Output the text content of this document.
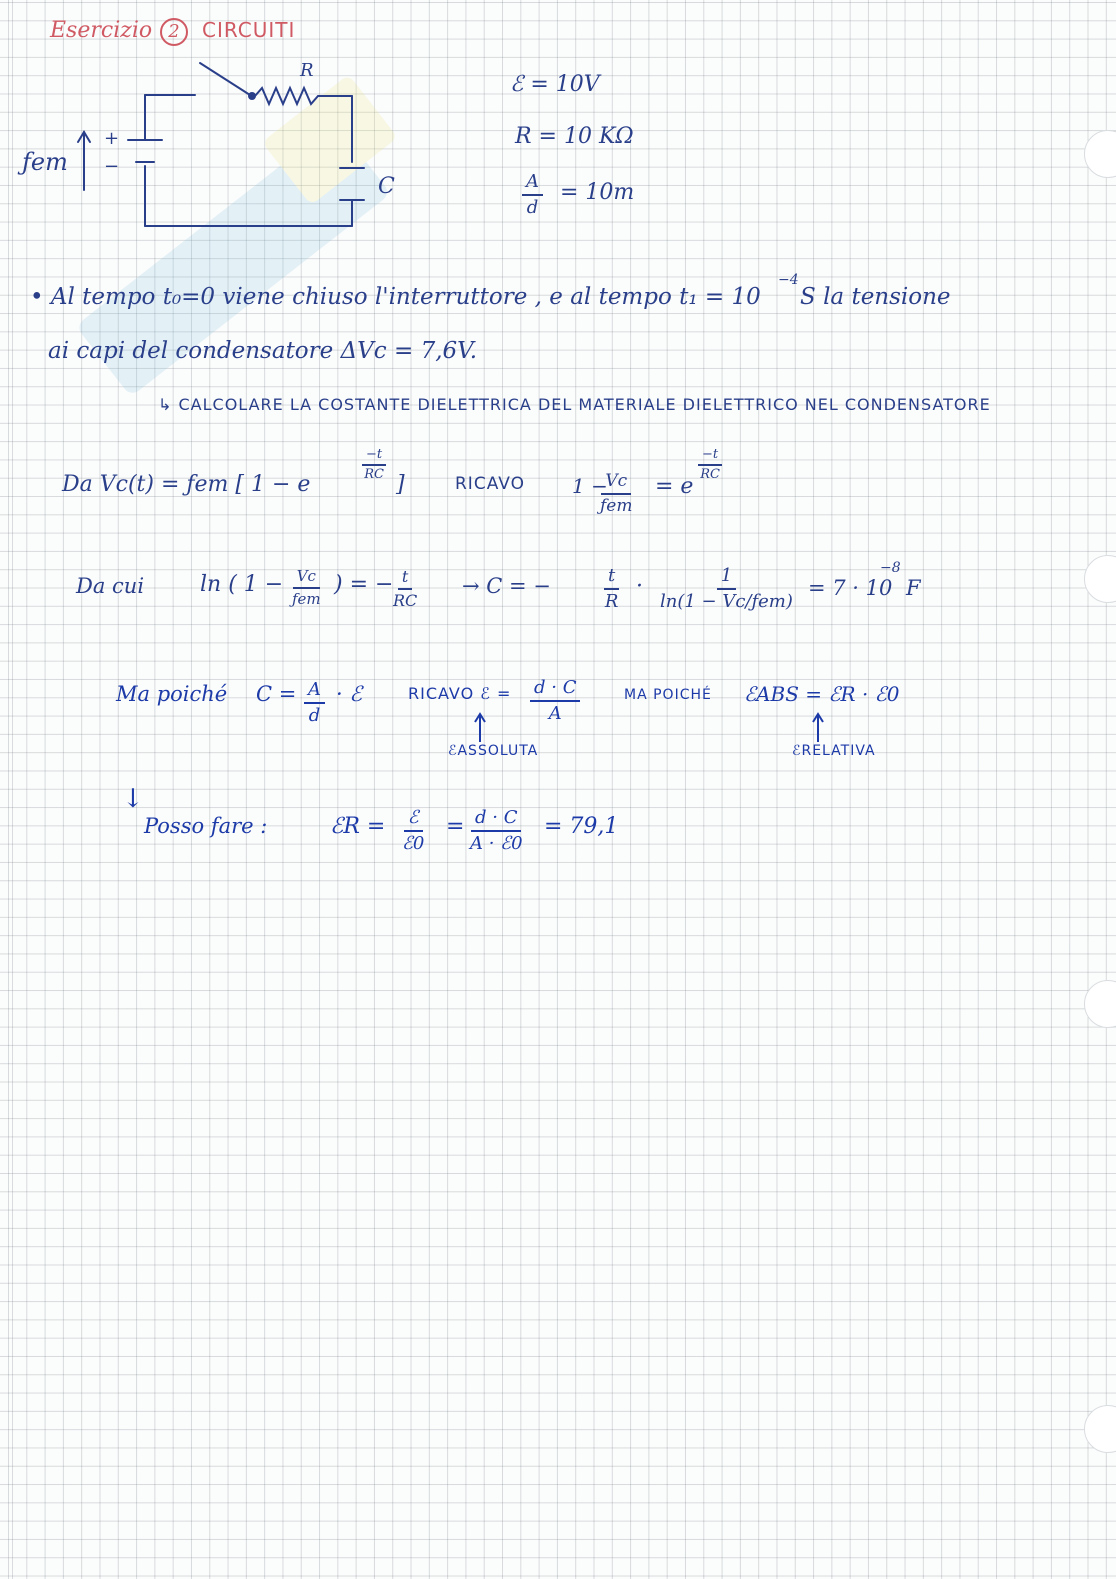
Esercizio 2	CIRCUITI
ƒem
+
−
R
C
ℰ = 10V
R = 10 KΩ
$\frac{A}{d} = 10m$
• Al tempo t₀=0 viene chiuso l'interruttore , e al tempo t₁ = 10
−4
S la tensione
ai capi del condensatore ΔVc = 7,6V.
↳ CALCOLARE LA COSTANTE DIELETTRICA DEL MATERIALE DIELETTRICO NEL CONDENSATORE
Da Vc(t) = ƒem [ 1 − e
$\frac{-t}{RC}$
]	RICAVO 1 −
Vc
ƒem
= e
$\frac{-t}{RC}$
Da cui	ln ( 1 − Vc
ƒem
) = − $\frac{t}{RC} \to C$ = −	$\frac{t}{R}$ ·	1
ln(1 − Vc/ƒem)
= 7 · 10
−8
F
Ma poiché $C = \frac{A}{d}$ · ℰ	RICAVO ℰ = $\frac{d \cdot C}{A}$	MA POICHÉ ℰABS = ℰR · ℰ0
ℰASSOLUTA	ℰRELATIVA
↓
Posso fare :	ℰR = ℰ
ℰ0
= d · C
A · ℰ0
= 79,1
